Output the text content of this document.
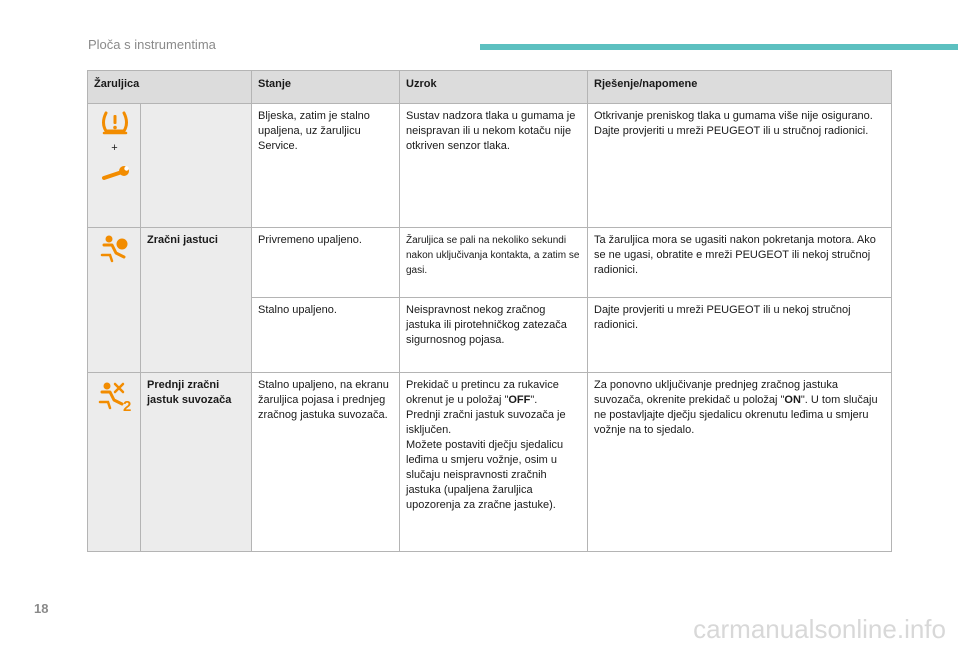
Ploča s instrumentima
Žaruljica		Stanje	Uzrok	Rješenje/napomene

+		Bljeska, zatim je stalno upaljena, uz žaruljicu Service.	Sustav nadzora tlaka u gumama je neispravan ili u nekom kotaču nije otkriven senzor tlaka.	Otkrivanje preniskog tlaka u gumama više nije osigurano.
Dajte provjeriti u mreži PEUGEOT ili u stručnoj radionici.

	Zračni jastuci	Privremeno upaljeno.	Žaruljica se pali na nekoliko sekundi nakon uključivanja kontakta, a zatim se gasi.	Ta žaruljica mora se ugasiti nakon pokretanja motora. Ako se ne ugasi, obratite e mreži PEUGEOT ili nekoj stručnoj radionici.
		Stalno upaljeno.	Neispravnost nekog zračnog jastuka ili pirotehničkog zatezača sigurnosnog pojasa.	Dajte provjeriti u mreži PEUGEOT ili u nekoj stručnoj radionici.

2	Prednji zračni jastuk suvozača	Stalno upaljeno, na ekranu žaruljica pojasa i prednjeg zračnog jastuka suvozača.	Prekidač u pretincu za rukavice okrenut je u položaj "OFF".
Prednji zračni jastuk suvozača je isključen.
Možete postaviti dječju sjedalicu leđima u smjeru vožnje, osim u slučaju neispravnosti zračnih jastuka (upaljena žaruljica upozorenja za zračne jastuke).	Za ponovno uključivanje prednjeg zračnog jastuka suvozača, okrenite prekidač u položaj "ON". U tom slučaju ne postavljajte dječju sjedalicu okrenutu leđima u smjeru vožnje na to sjedalo.
18
carmanualsonline.info
